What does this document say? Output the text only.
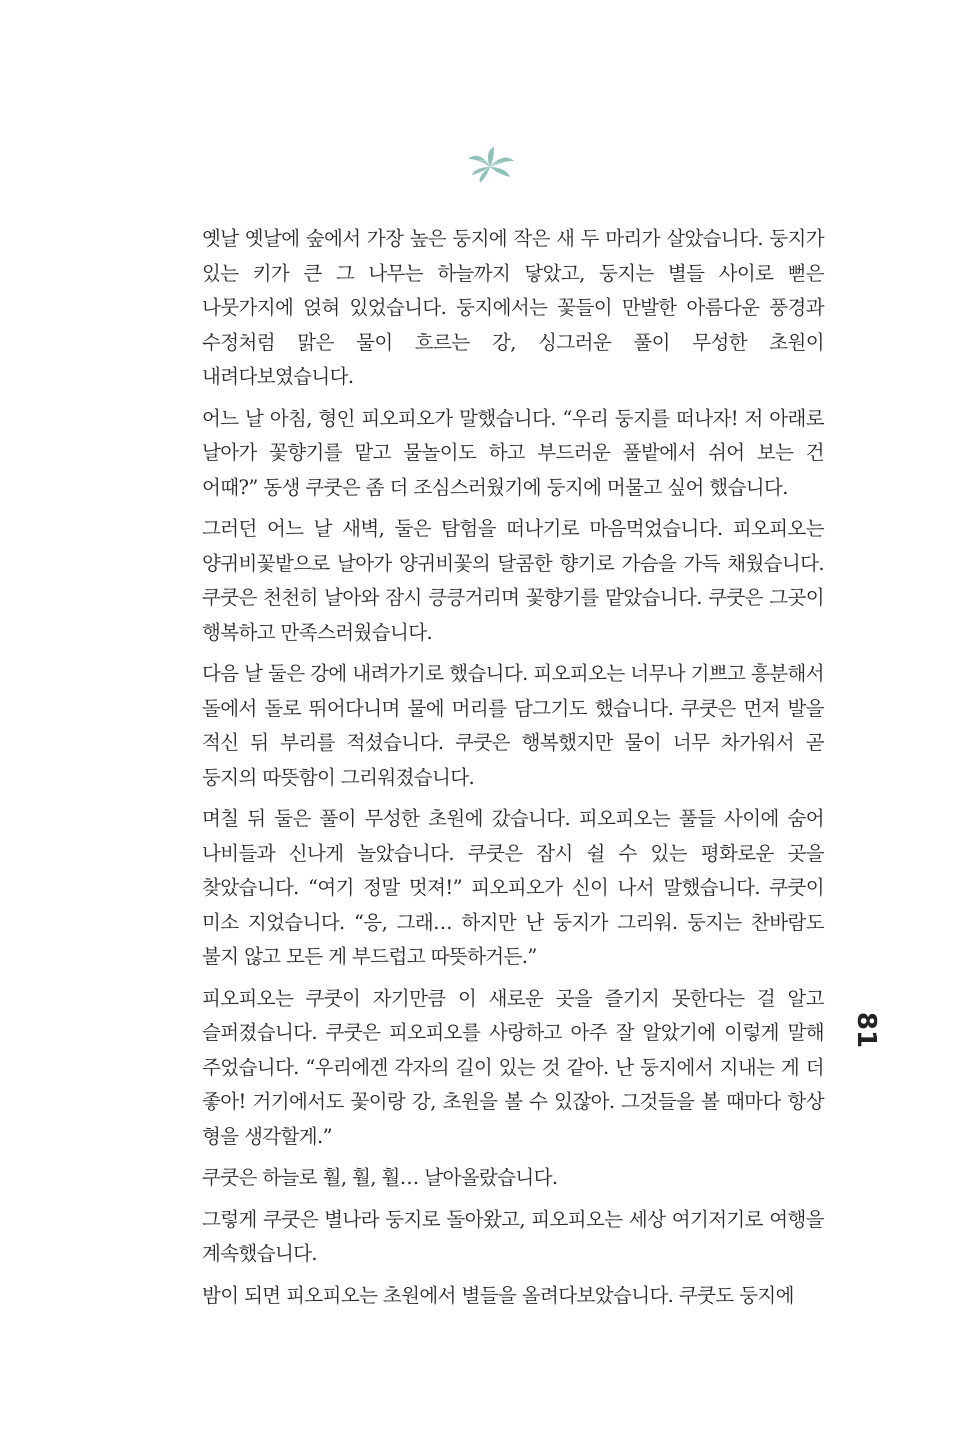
옛날 옛날에 숲에서 가장 높은 둥지에 작은 새 두 마리가 살았습니다. 둥지가 있는 키가 큰 그 나무는 하늘까지 닿았고, 둥지는 별들 사이로 뻗은 나뭇가지에 얹혀 있었습니다. 둥지에서는 꽃들이 만발한 아름다운 풍경과 수정처럼 맑은 물이 흐르는 강, 싱그러운 풀이 무성한 초원이 내려다보였습니다.

어느 날 아침, 형인 피오피오가 말했습니다. “우리 둥지를 떠나자! 저 아래로 날아가 꽃향기를 맡고 물놀이도 하고 부드러운 풀밭에서 쉬어 보는 건 어때?” 동생 쿠쿳은 좀 더 조심스러웠기에 둥지에 머물고 싶어 했습니다.

그러던 어느 날 새벽, 둘은 탐험을 떠나기로 마음먹었습니다. 피오피오는 양귀비꽃밭으로 날아가 양귀비꽃의 달콤한 향기로 가슴을 가득 채웠습니다. 쿠쿳은 천천히 날아와 잠시 킁킁거리며 꽃향기를 맡았습니다. 쿠쿳은 그곳이 행복하고 만족스러웠습니다.

다음 날 둘은 강에 내려가기로 했습니다. 피오피오는 너무나 기쁘고 흥분해서 돌에서 돌로 뛰어다니며 물에 머리를 담그기도 했습니다. 쿠쿳은 먼저 발을 적신 뒤 부리를 적셨습니다. 쿠쿳은 행복했지만 물이 너무 차가워서 곧 둥지의 따뜻함이 그리워졌습니다.

며칠 뒤 둘은 풀이 무성한 초원에 갔습니다. 피오피오는 풀들 사이에 숨어 나비들과 신나게 놀았습니다. 쿠쿳은 잠시 쉴 수 있는 평화로운 곳을 찾았습니다. “여기 정말 멋져!” 피오피오가 신이 나서 말했습니다. 쿠쿳이 미소 지었습니다. “응, 그래… 하지만 난 둥지가 그리워. 둥지는 찬바람도 불지 않고 모든 게 부드럽고 따뜻하거든.”

피오피오는 쿠쿳이 자기만큼 이 새로운 곳을 즐기지 못한다는 걸 알고 슬퍼졌습니다. 쿠쿳은 피오피오를 사랑하고 아주 잘 알았기에 이렇게 말해 주었습니다. “우리에겐 각자의 길이 있는 것 같아. 난 둥지에서 지내는 게 더 좋아! 거기에서도 꽃이랑 강, 초원을 볼 수 있잖아. 그것들을 볼 때마다 항상 형을 생각할게.”

쿠쿳은 하늘로 훨, 훨, 훨… 날아올랐습니다.

그렇게 쿠쿳은 별나라 둥지로 돌아왔고, 피오피오는 세상 여기저기로 여행을 계속했습니다.

밤이 되면 피오피오는 초원에서 별들을 올려다보았습니다. 쿠쿳도 둥지에

81
